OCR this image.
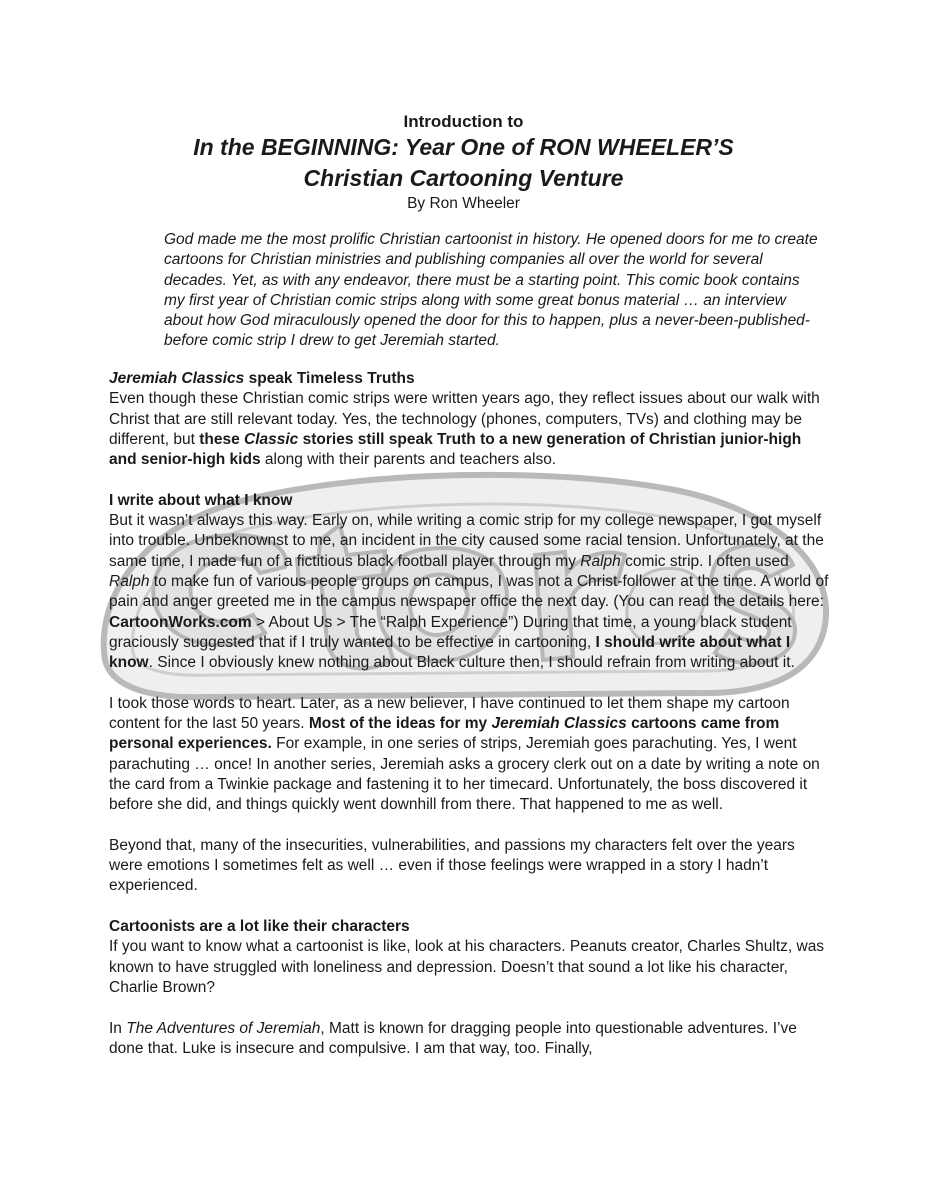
Introduction to
In the BEGINNING: Year One of RON WHEELER’S
Christian Cartooning Venture
By Ron Wheeler

God made me the most prolific Christian cartoonist in history. He opened doors for me to create cartoons for Christian ministries and publishing companies all over the world for several decades. Yet, as with any endeavor, there must be a starting point. This comic book contains my first year of Christian comic strips along with some great bonus material … an interview about how God miraculously opened the door for this to happen, plus a never-been-published-before comic strip I drew to get Jeremiah started.

Jeremiah Classics speak Timeless Truths

Even though these Christian comic strips were written years ago, they reflect issues about our walk with Christ that are still relevant today. Yes, the technology (phones, computers, TVs) and clothing may be different, but these Classic stories still speak Truth to a new generation of Christian junior-high and senior-high kids along with their parents and teachers also.

I write about what I know

But it wasn’t always this way. Early on, while writing a comic strip for my college newspaper, I got myself into trouble. Unbeknownst to me, an incident in the city caused some racial tension. Unfortunately, at the same time, I made fun of a fictitious black football player through my Ralph comic strip. I often used Ralph to make fun of various people groups on campus, I was not a Christ-follower at the time. A world of pain and anger greeted me in the campus newspaper office the next day. (You can read the details here: CartoonWorks.com > About Us > The “Ralph Experience”) During that time, a young black student graciously suggested that if I truly wanted to be effective in cartooning, I should write about what I know. Since I obviously knew nothing about Black culture then, I should refrain from writing about it.

I took those words to heart. Later, as a new believer, I have continued to let them shape my cartoon content for the last 50 years. Most of the ideas for my Jeremiah Classics cartoons came from personal experiences. For example, in one series of strips, Jeremiah goes parachuting. Yes, I went parachuting … once! In another series, Jeremiah asks a grocery clerk out on a date by writing a note on the card from a Twinkie package and fastening it to her timecard. Unfortunately, the boss discovered it before she did, and things quickly went downhill from there. That happened to me as well.

Beyond that, many of the insecurities, vulnerabilities, and passions my characters felt over the years were emotions I sometimes felt as well … even if those feelings were wrapped in a story I hadn’t experienced.

Cartoonists are a lot like their characters

If you want to know what a cartoonist is like, look at his characters. Peanuts creator, Charles Shultz, was known to have struggled with loneliness and depression. Doesn’t that sound a lot like his character, Charlie Brown?

In The Adventures of Jeremiah, Matt is known for dragging people into questionable adventures. I’ve done that. Luke is insecure and compulsive. I am that way, too. Finally,
